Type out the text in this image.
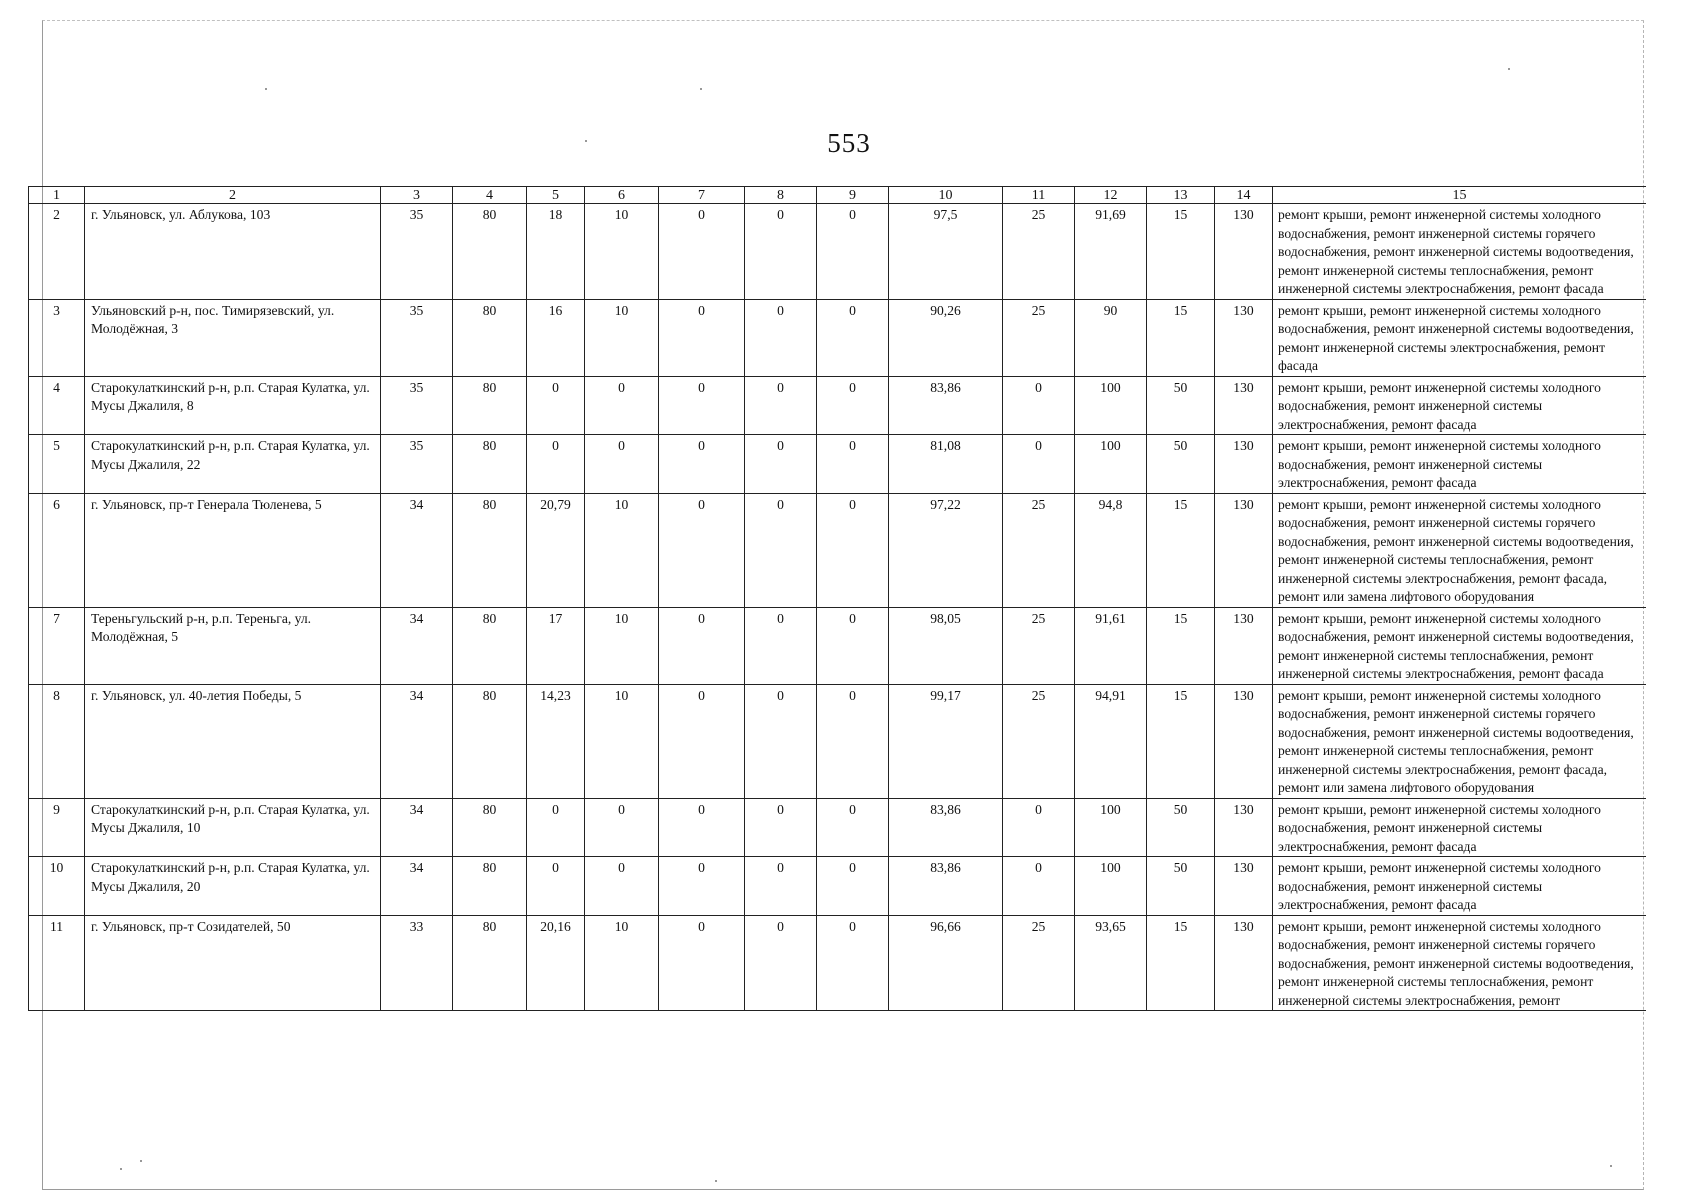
553
1	2	3	4	5	6	7	8	9	10	11	12	13	14	15
2	г. Ульяновск, ул. Аблукова, 103	35	80	18	10	0	0	0	97,5	25	91,69	15	130	ремонт крыши, ремонт инженерной системы холодного водоснабжения, ремонт инженерной системы горячего водоснабжения, ремонт инженерной системы водоотведения, ремонт инженерной системы теплоснабжения, ремонт инженерной системы электроснабжения, ремонт фасада
3	Ульяновский р-н, пос. Тимирязевский, ул. Молодёжная, 3	35	80	16	10	0	0	0	90,26	25	90	15	130	ремонт крыши, ремонт инженерной системы холодного водоснабжения, ремонт инженерной системы водоотведения, ремонт инженерной системы электроснабжения, ремонт фасада
4	Старокулаткинский р-н, р.п. Старая Кулатка, ул. Мусы Джалиля, 8	35	80	0	0	0	0	0	83,86	0	100	50	130	ремонт крыши, ремонт инженерной системы холодного водоснабжения, ремонт инженерной системы электроснабжения, ремонт фасада
5	Старокулаткинский р-н, р.п. Старая Кулатка, ул. Мусы Джалиля, 22	35	80	0	0	0	0	0	81,08	0	100	50	130	ремонт крыши, ремонт инженерной системы холодного водоснабжения, ремонт инженерной системы электроснабжения, ремонт фасада
6	г. Ульяновск, пр-т Генерала Тюленева, 5	34	80	20,79	10	0	0	0	97,22	25	94,8	15	130	ремонт крыши, ремонт инженерной системы холодного водоснабжения, ремонт инженерной системы горячего водоснабжения, ремонт инженерной системы водоотведения, ремонт инженерной системы теплоснабжения, ремонт инженерной системы электроснабжения, ремонт фасада, ремонт или замена лифтового оборудования
7	Тереньгульский р-н, р.п. Тереньга, ул. Молодёжная, 5	34	80	17	10	0	0	0	98,05	25	91,61	15	130	ремонт крыши, ремонт инженерной системы холодного водоснабжения, ремонт инженерной системы водоотведения, ремонт инженерной системы теплоснабжения, ремонт инженерной системы электроснабжения, ремонт фасада
8	г. Ульяновск, ул. 40-летия Победы, 5	34	80	14,23	10	0	0	0	99,17	25	94,91	15	130	ремонт крыши, ремонт инженерной системы холодного водоснабжения, ремонт инженерной системы горячего водоснабжения, ремонт инженерной системы водоотведения, ремонт инженерной системы теплоснабжения, ремонт инженерной системы электроснабжения, ремонт фасада, ремонт или замена лифтового оборудования
9	Старокулаткинский р-н, р.п. Старая Кулатка, ул. Мусы Джалиля, 10	34	80	0	0	0	0	0	83,86	0	100	50	130	ремонт крыши, ремонт инженерной системы холодного водоснабжения, ремонт инженерной системы электроснабжения, ремонт фасада
10	Старокулаткинский р-н, р.п. Старая Кулатка, ул. Мусы Джалиля, 20	34	80	0	0	0	0	0	83,86	0	100	50	130	ремонт крыши, ремонт инженерной системы холодного водоснабжения, ремонт инженерной системы электроснабжения, ремонт фасада
11	г. Ульяновск, пр-т Созидателей, 50	33	80	20,16	10	0	0	0	96,66	25	93,65	15	130	ремонт крыши, ремонт инженерной системы холодного водоснабжения, ремонт инженерной системы горячего водоснабжения, ремонт инженерной системы водоотведения, ремонт инженерной системы теплоснабжения, ремонт инженерной системы электроснабжения, ремонт
